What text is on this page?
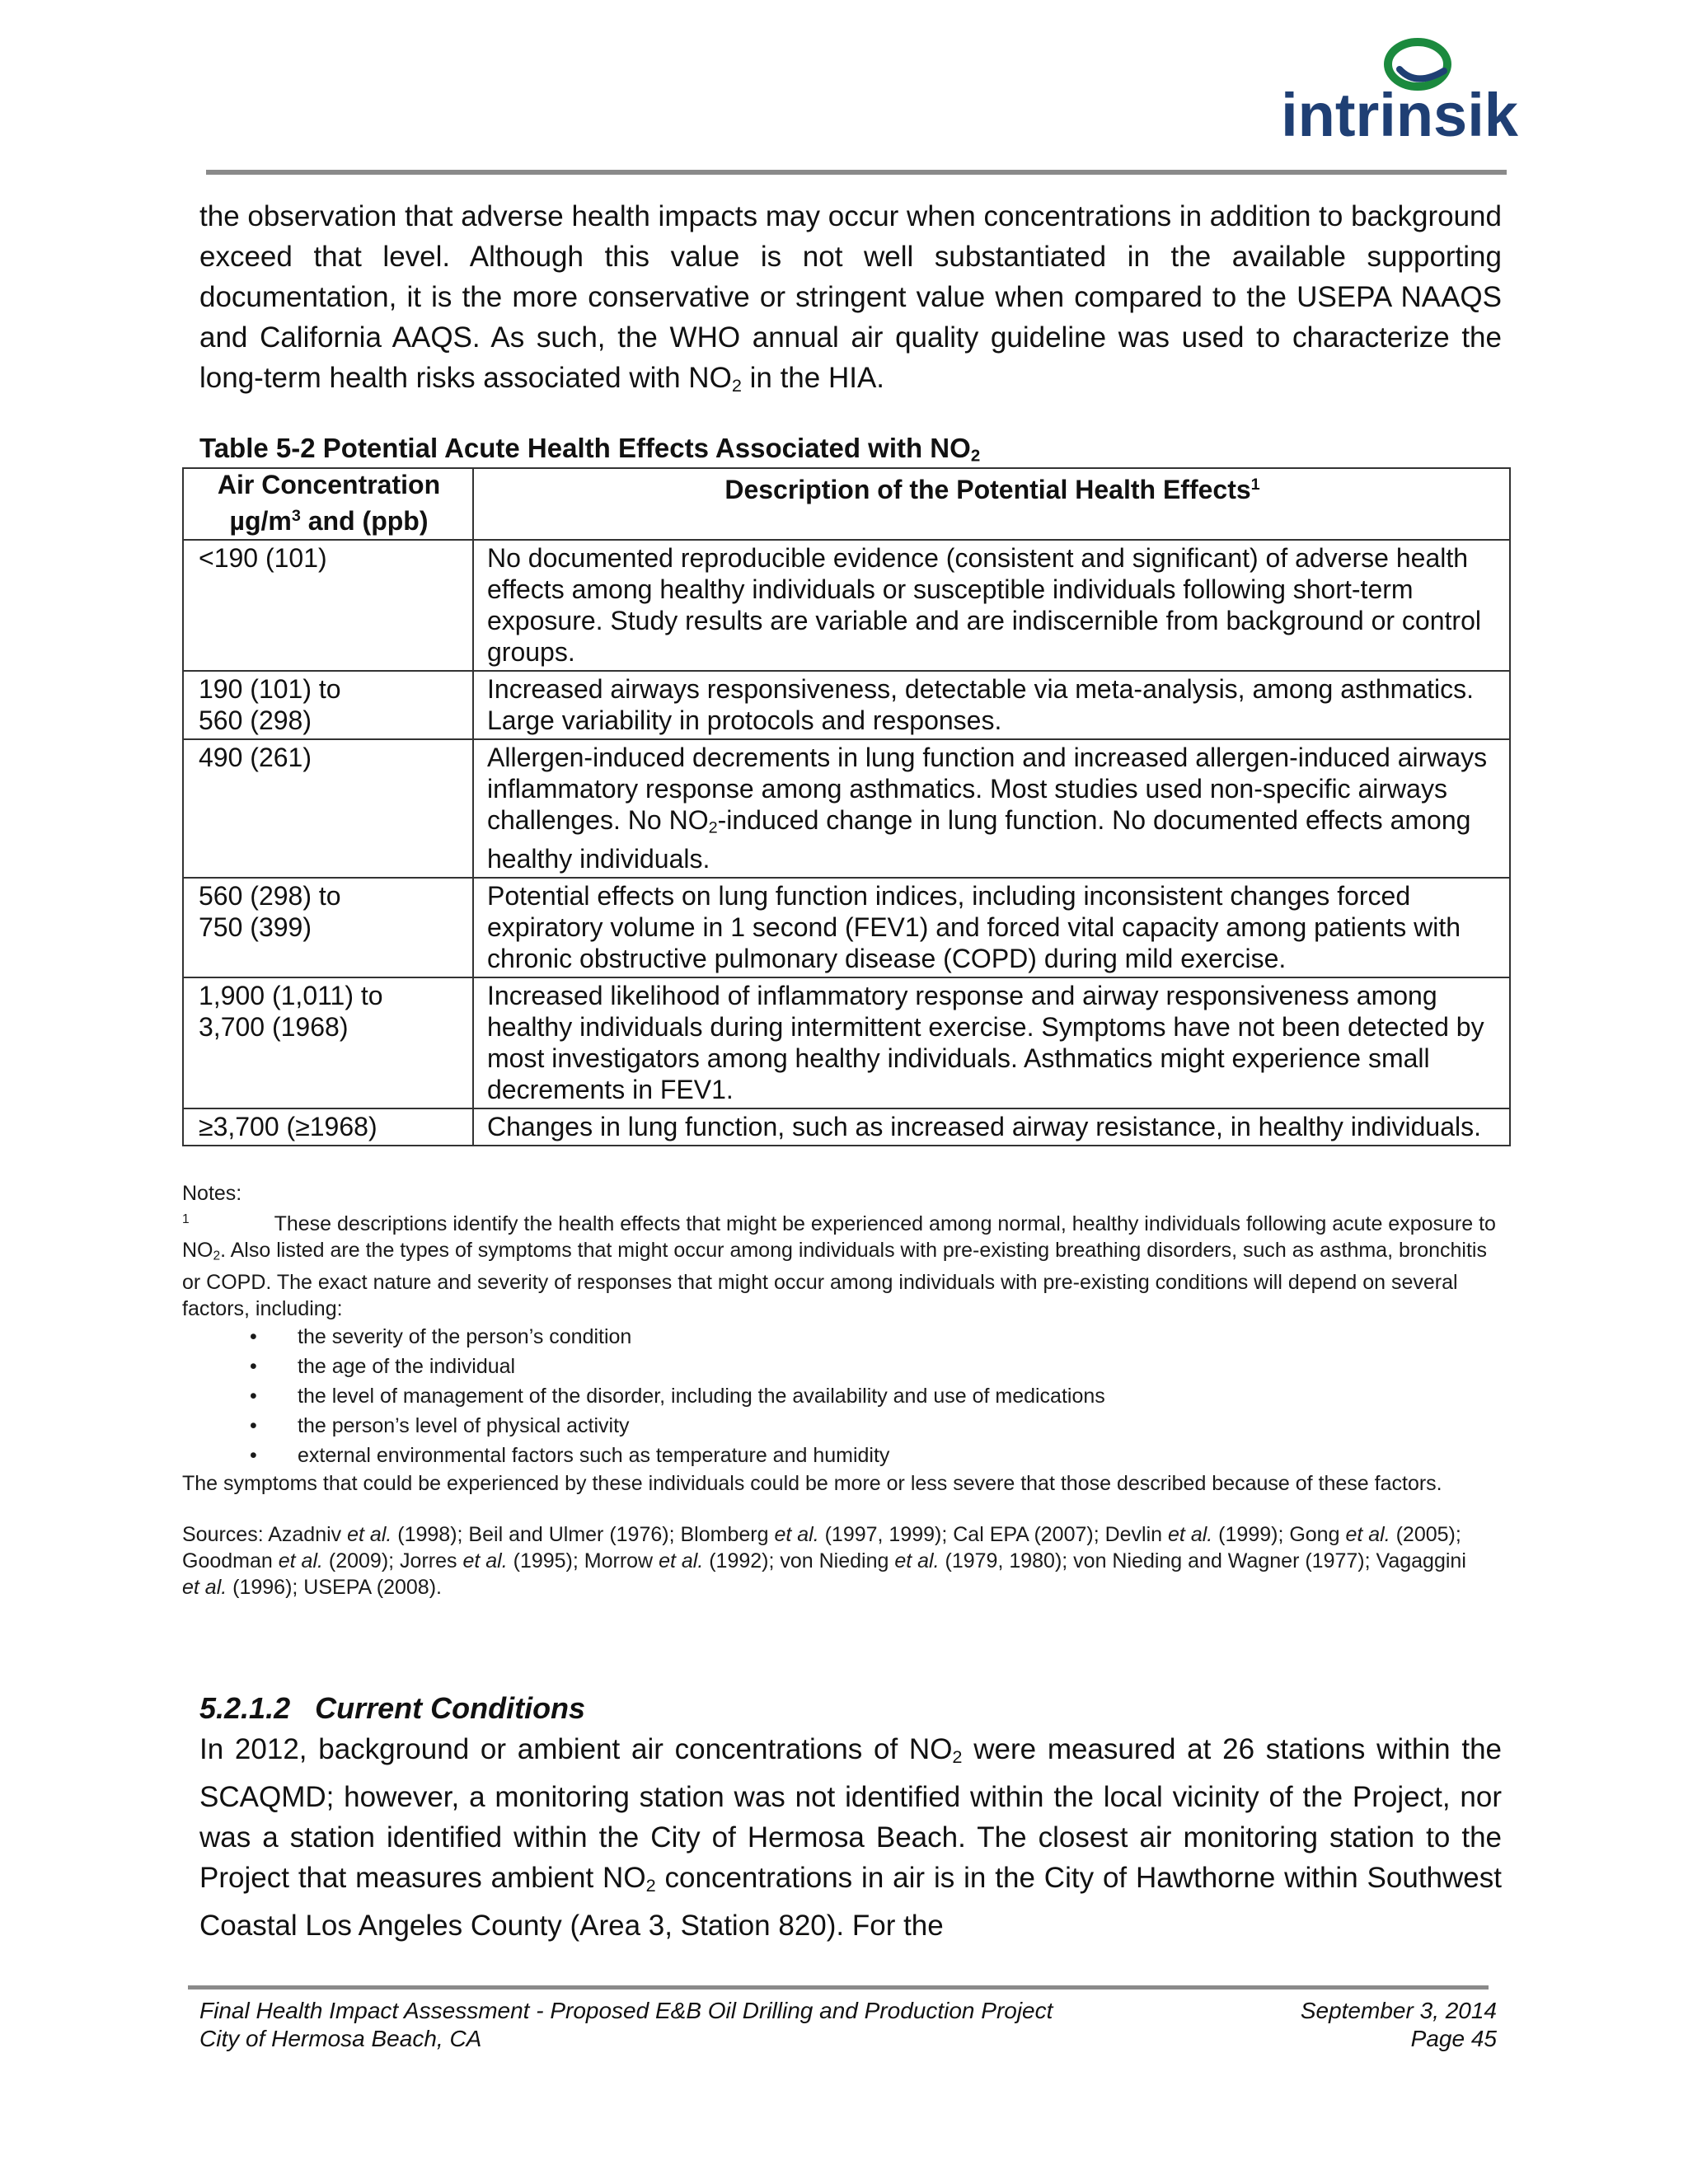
intrinsik
the observation that adverse health impacts may occur when concentrations in addition to background exceed that level. Although this value is not well substantiated in the available supporting documentation, it is the more conservative or stringent value when compared to the USEPA NAAQS and California AAQS. As such, the WHO annual air quality guideline was used to characterize the long-term health risks associated with $NO_2$ in the HIA.
Table 5-2 Potential Acute Health Effects Associated with $NO_2$
Air Concentration
$\mu g/m^3$ and (ppb)	Description of the Potential Health Effects$^1$

<190 (101)	No documented reproducible evidence (consistent and significant) of adverse health effects among healthy individuals or susceptible individuals following short-term exposure. Study results are variable and are indiscernible from background or control groups.

190 (101) to

560 (298)	Increased airways responsiveness, detectable via meta-analysis, among asthmatics. Large variability in protocols and responses.

490 (261)	Allergen-induced decrements in lung function and increased allergen-induced airways inflammatory response among asthmatics. Most studies used non-specific airways challenges. No $NO_2$-induced change in lung function. No documented effects among healthy individuals.

560 (298) to

750 (399)	Potential effects on lung function indices, including inconsistent changes forced expiratory volume in 1 second (FEV1) and forced vital capacity among patients with chronic obstructive pulmonary disease (COPD) during mild exercise.

1,900 (1,011) to

3,700 (1968)	Increased likelihood of inflammatory response and airway responsiveness among healthy individuals during intermittent exercise. Symptoms have not been detected by most investigators among healthy individuals. Asthmatics might experience small decrements in FEV1.

≥3,700 (≥1968)	Changes in lung function, such as increased airway resistance, in healthy individuals.

Notes:

$^1$	These descriptions identify the health effects that might be experienced among normal, healthy individuals following acute exposure to $NO_2$. Also listed are the types of symptoms that might occur among individuals with pre-existing breathing disorders, such as asthma, bronchitis or COPD. The exact nature and severity of responses that might occur among individuals with pre-existing conditions will depend on several factors, including:

• the severity of the person’s condition
• the age of the individual
• the level of management of the disorder, including the availability and use of medications
• the person’s level of physical activity
• external environmental factors such as temperature and humidity

The symptoms that could be experienced by these individuals could be more or less severe that those described because of these factors.

Sources: Azadniv et al. (1998); Beil and Ulmer (1976); Blomberg et al. (1997, 1999); Cal EPA (2007); Devlin et al. (1999); Gong et al. (2005); Goodman et al. (2009); Jorres et al. (1995); Morrow et al. (1992); von Nieding et al. (1979, 1980); von Nieding and Wagner (1977); Vagaggini et al. (1996); USEPA (2008).

5.2.1.2   Current Conditions
In 2012, background or ambient air concentrations of $NO_2$ were measured at 26 stations within the SCAQMD; however, a monitoring station was not identified within the local vicinity of the Project, nor was a station identified within the City of Hermosa Beach. The closest air monitoring station to the Project that measures ambient $NO_2$ concentrations in air is in the City of Hawthorne within Southwest Coastal Los Angeles County (Area 3, Station 820). For the
Final Health Impact Assessment - Proposed E&B Oil Drilling and Production Project
City of Hermosa Beach, CA
September 3, 2014
Page 45
